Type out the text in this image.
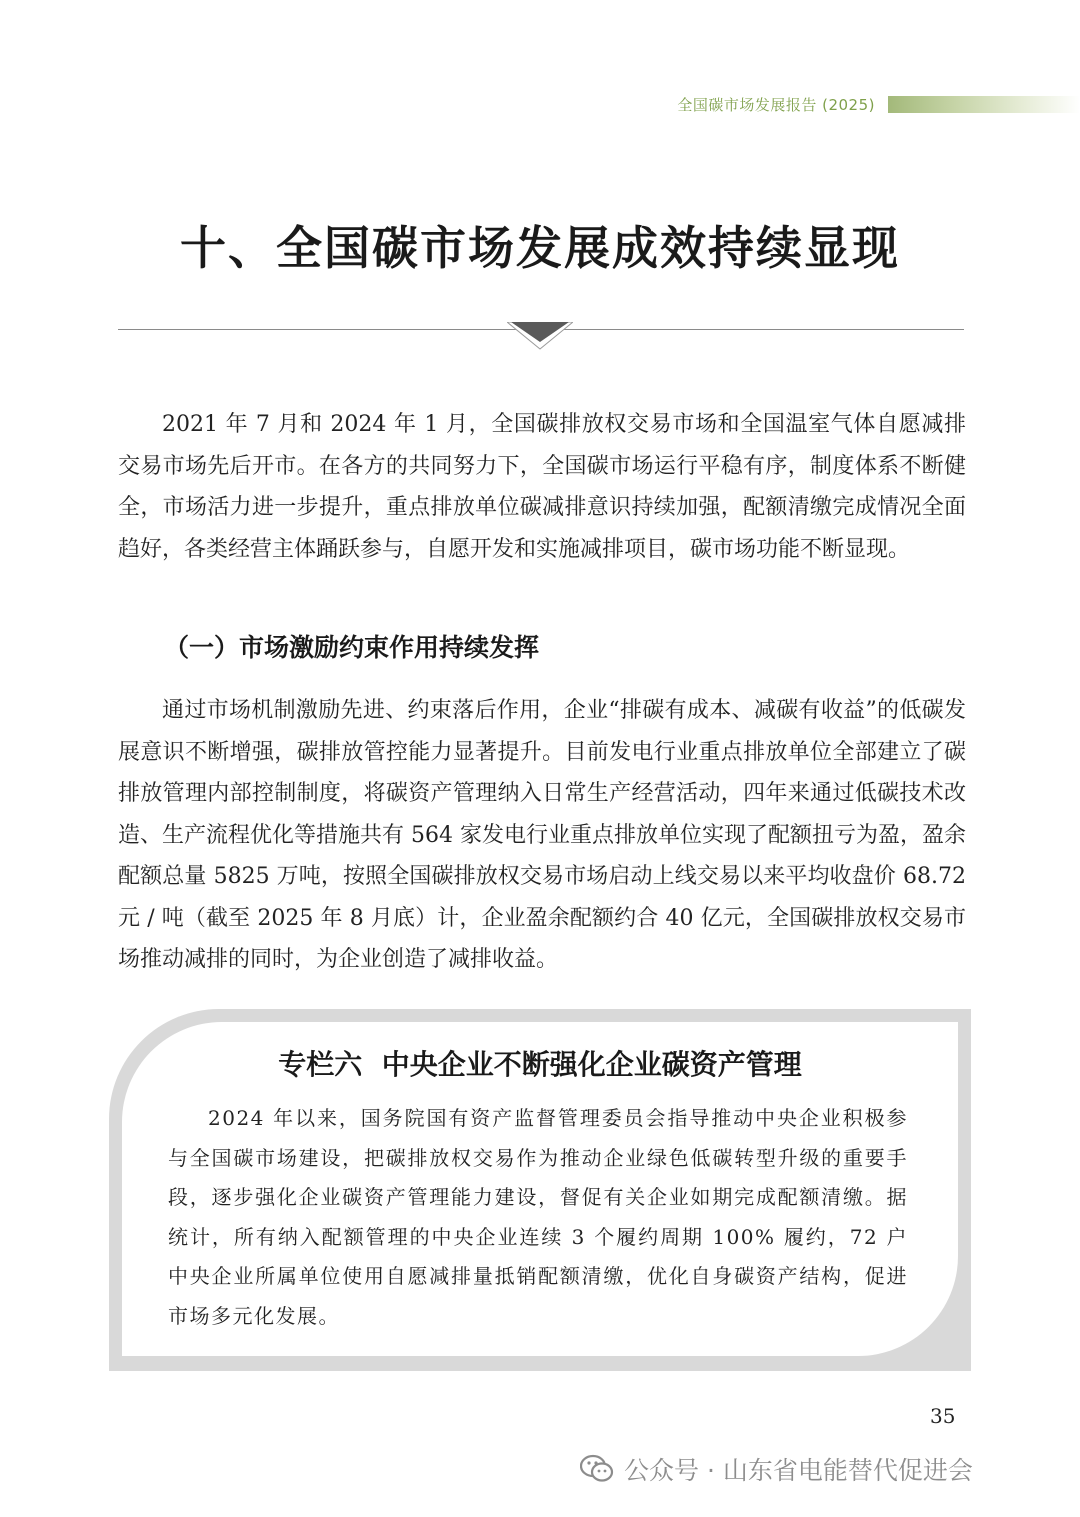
全国碳市场发展报告 (2025)
十、全国碳市场发展成效持续显现

2021 年 7 月和 2024 年 1 月，全国碳排放权交易市场和全国温室气体自愿减排交易市场先后开市。在各方的共同努力下，全国碳市场运行平稳有序，制度体系不断健全，市场活力进一步提升，重点排放单位碳减排意识持续加强，配额清缴完成情况全面趋好，各类经营主体踊跃参与，自愿开发和实施减排项目，碳市场功能不断显现。

（一）市场激励约束作用持续发挥

通过市场机制激励先进、约束落后作用，企业“排碳有成本、减碳有收益”的低碳发展意识不断增强，碳排放管控能力显著提升。目前发电行业重点排放单位全部建立了碳排放管理内部控制制度，将碳资产管理纳入日常生产经营活动，四年来通过低碳技术改造、生产流程优化等措施共有 564 家发电行业重点排放单位实现了配额扭亏为盈，盈余配额总量 5825 万吨，按照全国碳排放权交易市场启动上线交易以来平均收盘价 68.72 元 / 吨（截至 2025 年 8 月底）计，企业盈余配额约合 40 亿元，全国碳排放权交易市场推动减排的同时，为企业创造了减排收益。

专栏六  中央企业不断强化企业碳资产管理

2024 年以来，国务院国有资产监督管理委员会指导推动中央企业积极参与全国碳市场建设，把碳排放权交易作为推动企业绿色低碳转型升级的重要手段，逐步强化企业碳资产管理能力建设，督促有关企业如期完成配额清缴。据统计，所有纳入配额管理的中央企业连续 3 个履约周期 100% 履约，72 户中央企业所属单位使用自愿减排量抵销配额清缴，优化自身碳资产结构，促进市场多元化发展。

35
公众号 · 山东省电能替代促进会
